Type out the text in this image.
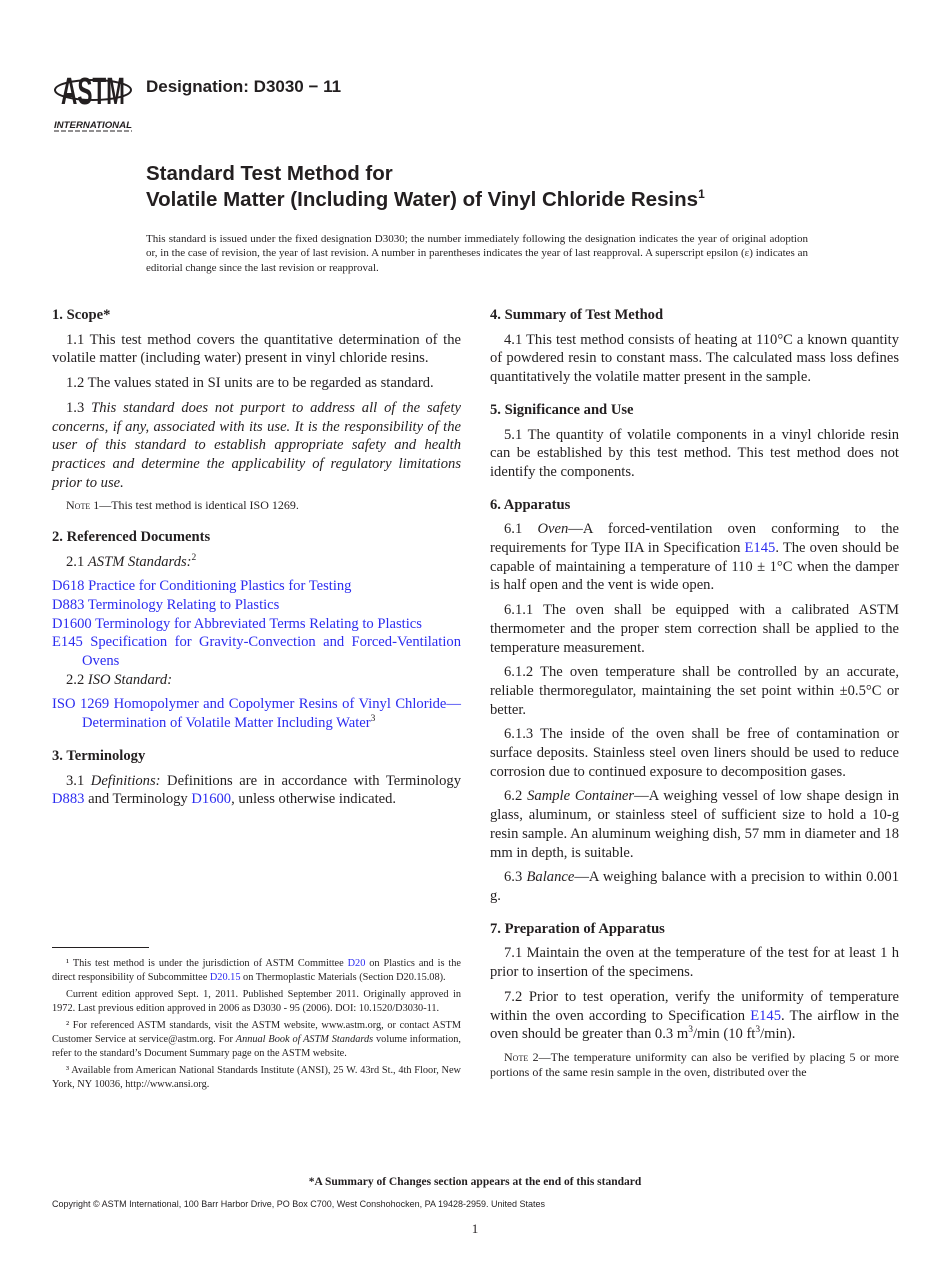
ASTM
INTERNATIONAL
Designation: D3030 − 11
Standard Test Method for
Volatile Matter (Including Water) of Vinyl Chloride Resins$^1$
This standard is issued under the fixed designation D3030; the number immediately following the designation indicates the year of original adoption or, in the case of revision, the year of last revision. A number in parentheses indicates the year of last reapproval. A superscript epsilon (ε) indicates an editorial change since the last revision or reapproval.
1. Scope*

1.1 This test method covers the quantitative determination of the volatile matter (including water) present in vinyl chloride resins.

1.2 The values stated in SI units are to be regarded as standard.

1.3 This standard does not purport to address all of the safety concerns, if any, associated with its use. It is the responsibility of the user of this standard to establish appropriate safety and health practices and determine the applicability of regulatory limitations prior to use.

Note 1—This test method is identical ISO 1269.

2. Referenced Documents

2.1 ASTM Standards:$^2$

D618 Practice for Conditioning Plastics for Testing

D883 Terminology Relating to Plastics

D1600 Terminology for Abbreviated Terms Relating to Plastics

E145 Specification for Gravity-Convection and Forced-Ventilation Ovens

2.2 ISO Standard:

ISO 1269 Homopolymer and Copolymer Resins of Vinyl Chloride—Determination of Volatile Matter Including Water$^3$

3. Terminology

3.1 Definitions: Definitions are in accordance with Terminology D883 and Terminology D1600, unless otherwise indicated.

4. Summary of Test Method

4.1 This test method consists of heating at 110°C a known quantity of powdered resin to constant mass. The calculated mass loss defines quantitatively the volatile matter present in the sample.

5. Significance and Use

5.1 The quantity of volatile components in a vinyl chloride resin can be established by this test method. This test method does not identify the components.

6. Apparatus

6.1 Oven—A forced-ventilation oven conforming to the requirements for Type IIA in Specification E145. The oven should be capable of maintaining a temperature of 110 ± 1°C when the damper is half open and the vent is wide open.

6.1.1 The oven shall be equipped with a calibrated ASTM thermometer and the proper stem correction shall be applied to the temperature measurement.

6.1.2 The oven temperature shall be controlled by an accurate, reliable thermoregulator, maintaining the set point within ±0.5°C or better.

6.1.3 The inside of the oven shall be free of contamination or surface deposits. Stainless steel oven liners should be used to reduce corrosion due to continued exposure to decomposition gases.

6.2 Sample Container—A weighing vessel of low shape design in glass, aluminum, or stainless steel of sufficient size to hold a 10-g resin sample. An aluminum weighing dish, 57 mm in diameter and 18 mm in depth, is suitable.

6.3 Balance—A weighing balance with a precision to within 0.001 g.

7. Preparation of Apparatus

7.1 Maintain the oven at the temperature of the test for at least 1 h prior to insertion of the specimens.

7.2 Prior to test operation, verify the uniformity of temperature within the oven according to Specification E145. The airflow in the oven should be greater than 0.3 $m^3/\min$ (10 $ft^3/\min$).

Note 2—The temperature uniformity can also be verified by placing 5 or more portions of the same resin sample in the oven, distributed over the

¹ This test method is under the jurisdiction of ASTM Committee D20 on Plastics and is the direct responsibility of Subcommittee D20.15 on Thermoplastic Materials (Section D20.15.08).

Current edition approved Sept. 1, 2011. Published September 2011. Originally approved in 1972. Last previous edition approved in 2006 as D3030 - 95 (2006). DOI: 10.1520/D3030-11.

² For referenced ASTM standards, visit the ASTM website, www.astm.org, or contact ASTM Customer Service at service@astm.org. For Annual Book of ASTM Standards volume information, refer to the standard’s Document Summary page on the ASTM website.

³ Available from American National Standards Institute (ANSI), 25 W. 43rd St., 4th Floor, New York, NY 10036, http://www.ansi.org.

*A Summary of Changes section appears at the end of this standard
Copyright © ASTM International, 100 Barr Harbor Drive, PO Box C700, West Conshohocken, PA 19428-2959. United States
1
